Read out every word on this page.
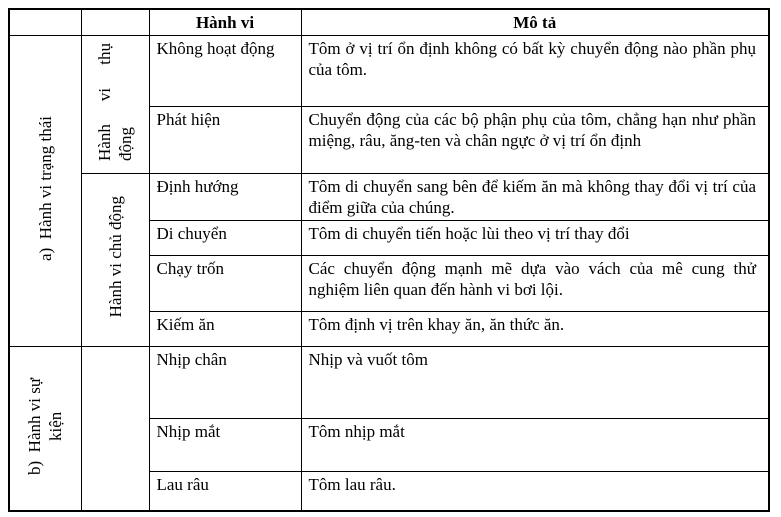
		Hành vi	Mô tả
a)  Hành vi trạng thái	Hành vi thụ động	Không hoạt động	Tôm ở vị trí ổn định không có bất kỳ chuyển động nào phần phụ của tôm.
		Phát hiện	Chuyển động của các bộ phận phụ của tôm, chẳng hạn như phần miệng, râu, ăng-ten và chân ngực ở vị trí ổn định
	Hành vi chủ động	Định hướng	Tôm di chuyển sang bên để kiếm ăn mà không thay đổi vị trí của điểm giữa của chúng.
		Di chuyển	Tôm di chuyển tiến hoặc lùi theo vị trí thay đổi
		Chạy trốn	Các chuyển động mạnh mẽ dựa vào vách của mê cung thử nghiệm liên quan đến hành vi bơi lội.
		Kiếm ăn	Tôm định vị trên khay ăn, ăn thức ăn.
b)  Hành vi sự kiện		Nhịp chân	Nhịp và vuốt tôm
		Nhịp mắt	Tôm nhịp mắt
		Lau râu	Tôm lau râu.
